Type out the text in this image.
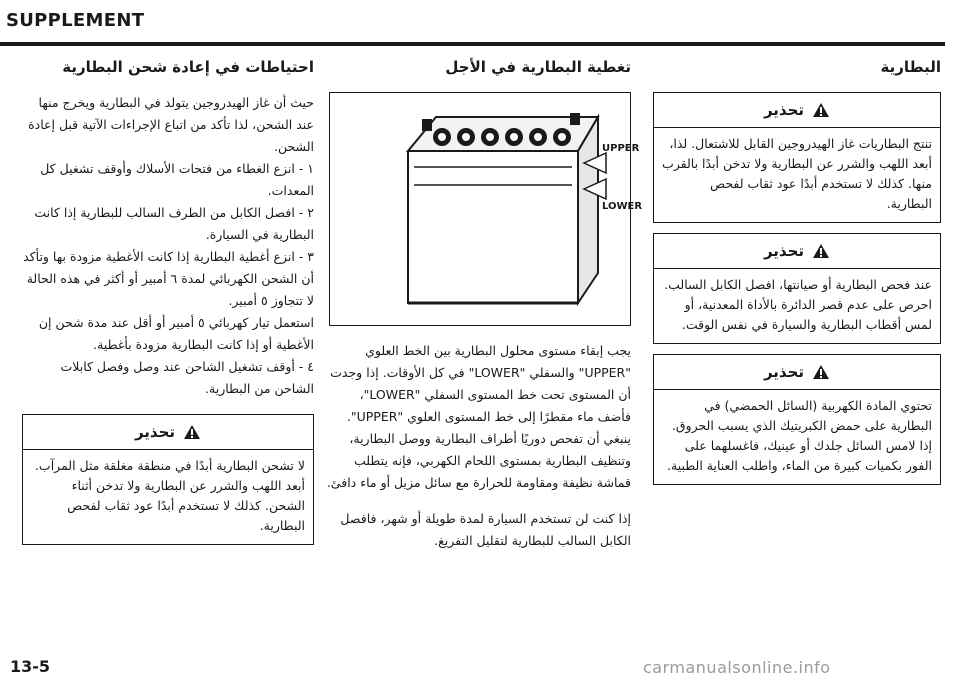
SUPPLEMENT
البطارية
تحذير
تنتج البطاريات غاز الهيدروجين القابل للاشتعال. لذا، أبعد اللهب والشرر عن البطارية ولا تدخن أبدًا بالقرب منها. كذلك لا تستخدم أبدًا عود ثقاب لفحص البطارية.
تحذير
عند فحص البطارية أو صيانتها، افصل الكابل السالب. احرص على عدم قصر الدائرة بالأداة المعدنية، أو لمس أقطاب البطارية والسيارة في نفس الوقت.
تحذير
تحتوي المادة الكهربية (السائل الحمضي) في البطارية على حمض الكبريتيك الذي يسبب الحروق. إذا لامس السائل جلدك أو عينيك، فاغسلهما على الفور بكميات كبيرة من الماء، واطلب العناية الطبية.
تغطية البطارية في الأجل
UPPER
LOWER

يجب إبقاء مستوى محلول البطارية بين الخط العلوي "UPPER" والسفلي "LOWER" في كل الأوقات. إذا وجدت أن المستوى تحت خط المستوى السفلي "LOWER"، فأضف ماء مقطرًا إلى خط المستوى العلوي "UPPER". ينبغي أن تفحص دوريًا أطراف البطارية ووصل البطارية، وتنظيف البطارية بمستوى اللحام الكهربي، فإنه يتطلب قماشة نظيفة ومقاومة للحرارة مع سائل مزيل أو ماء دافئ.

إذا كنت لن تستخدم السيارة لمدة طويلة أو شهر، فافصل الكابل السالب للبطارية لتقليل التفريغ.

احتياطات في إعادة شحن البطارية

حيث أن غاز الهيدروجين يتولد في البطارية ويخرج منها عند الشحن، لذا تأكد من اتباع الإجراءات الآتية قبل إعادة الشحن.

١ - انزع الغطاء من فتحات الأسلاك وأوقف تشغيل كل المعدات.

٢ - افصل الكابل من الطرف السالب للبطارية إذا كانت البطارية في السيارة.

٣ - انزع أغطية البطارية إذا كانت الأغطية مزودة بها وتأكد أن الشحن الكهربائي لمدة ٦ أمبير أو أكثر في هذه الحالة لا تتجاوز ٥ أمبير.

استعمل تيار كهربائي ٥ أمبير أو أقل عند مدة شحن إن الأغطية أو إذا كانت البطارية مزودة بأغطية.

٤ - أوقف تشغيل الشاحن عند وصل وفصل كابلات الشاحن من البطارية.

تحذير
لا تشحن البطارية أبدًا في منطقة مغلقة مثل المرآب. أبعد اللهب والشرر عن البطارية ولا تدخن أثناء الشحن. كذلك لا تستخدم أبدًا عود ثقاب لفحص البطارية.
13-5	carmanualsonline.info
